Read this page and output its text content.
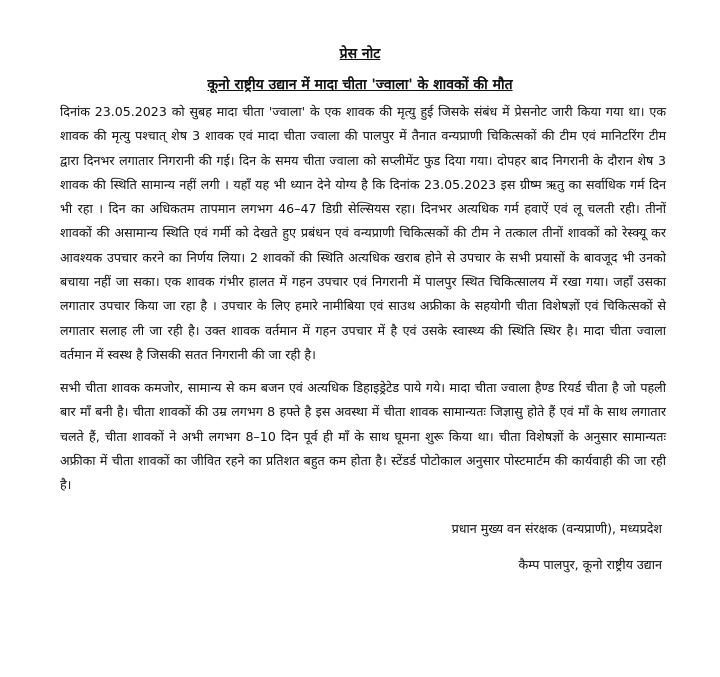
प्रेस नोट
कूनो राष्ट्रीय उद्यान में मादा चीता 'ज्वाला' के शावकों की मौत

दिनांक 23.05.2023 को सुबह मादा चीता 'ज्वाला' के एक शावक की मृत्यु हुई जिसके संबंध में प्रेसनोट जारी किया गया था। एक शावक की मृत्यु पश्चात् शेष 3 शावक एवं मादा चीता ज्वाला की पालपुर में तैनात वन्यप्राणी चिकित्सकों की टीम एवं मानिटरिंग टीम द्वारा दिनभर लगातार निगरानी की गई। दिन के समय चीता ज्वाला को सप्लीमेंट फुड दिया गया। दोपहर बाद निगरानी के दौरान शेष 3 शावक की स्थिति सामान्य नहीं लगी । यहाँ यह भी ध्यान देने योग्य है कि दिनांक 23.05.2023 इस ग्रीष्म ऋतु का सर्वाधिक गर्म दिन भी रहा । दिन का अधिकतम तापमान लगभग 46–47 डिग्री सेल्सियस रहा। दिनभर अत्यधिक गर्म हवाऐं एवं लू चलती रही। तीनों शावकों की असामान्य स्थिति एवं गर्मी को देखते हुए प्रबंधन एवं वन्यप्राणी चिकित्सकों की टीम ने तत्काल तीनों शावकों को रेस्क्यू कर आवश्यक उपचार करने का निर्णय लिया। 2 शावकों की स्थिति अत्यधिक खराब होने से उपचार के सभी प्रयासों के बावजूद भी उनको बचाया नहीं जा सका। एक शावक गंभीर हालत में गहन उपचार एवं निगरानी में पालपुर स्थित चिकित्सालय में रखा गया। जहाँ उसका लगातार उपचार किया जा रहा है । उपचार के लिए हमारे नामीबिया एवं साउथ अफ्रीका के सहयोगी चीता विशेषज्ञों एवं चिकित्सकों से लगातार सलाह ली जा रही है। उक्त शावक वर्तमान में गहन उपचार में है एवं उसके स्वास्थ्य की स्थिति स्थिर है। मादा चीता ज्वाला वर्तमान में स्वस्थ है जिसकी सतत निगरानी की जा रही है।

सभी चीता शावक कमजोर, सामान्य से कम बजन एवं अत्यधिक डिहाइड्रेटेड पाये गये। मादा चीता ज्वाला हैण्ड रियर्ड चीता है जो पहली बार माँ बनी है। चीता शावकों की उम्र लगभग 8 हफ्ते है इस अवस्था में चीता शावक सामान्यतः जिज्ञासु होते हैं एवं माँ के साथ लगातार चलते हैं, चीता शावकों ने अभी लगभग 8–10 दिन पूर्व ही माँ के साथ घूमना शुरू किया था। चीता विशेषज्ञों के अनुसार सामान्यतः अफ्रीका में चीता शावकों का जीवित रहने का प्रतिशत बहुत कम होता है। स्टेंडर्ड पोटोकाल अनुसार पोस्टमार्टम की कार्यवाही की जा रही है।

प्रधान मुख्य वन संरक्षक (वन्यप्राणी), मध्यप्रदेश
कैम्प पालपुर, कूनो राष्ट्रीय उद्यान
